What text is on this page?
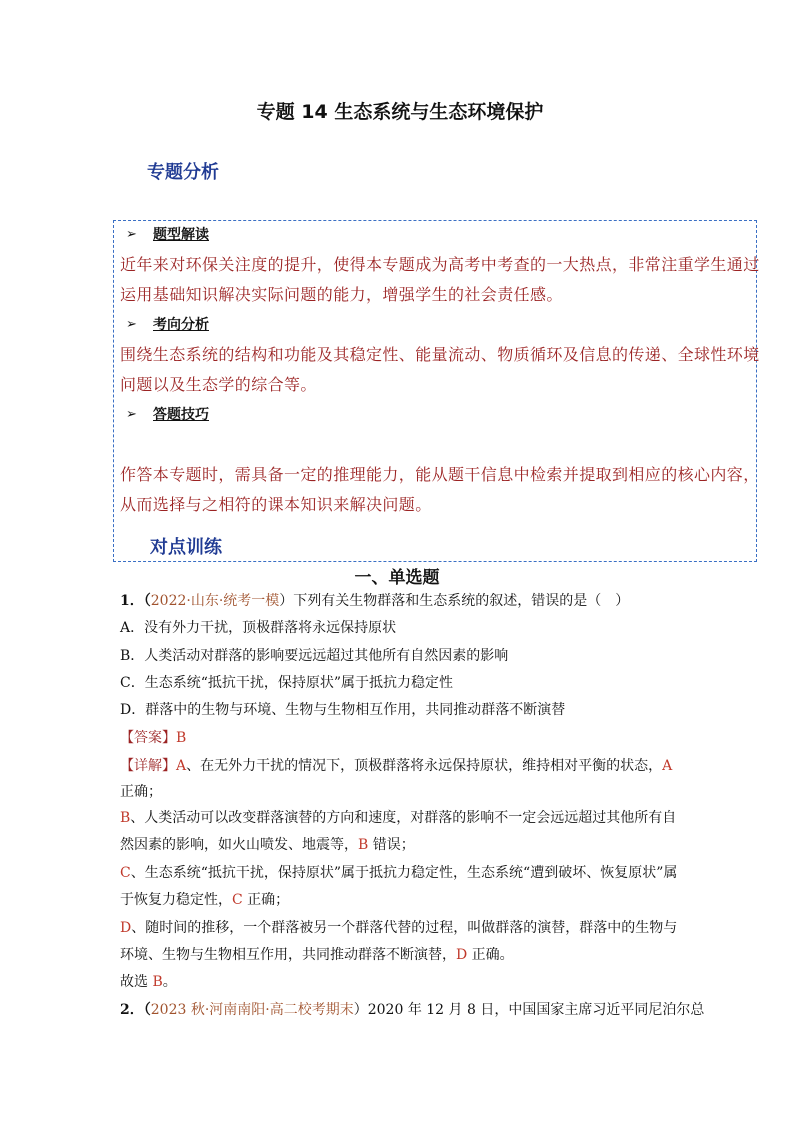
专题 14 生态系统与生态环境保护
专题分析
➢ 题型解读
近年来对环保关注度的提升，使得本专题成为高考中考查的一大热点，非常注重学生通过
运用基础知识解决实际问题的能力，增强学生的社会责任感。
➢ 考向分析
围绕生态系统的结构和功能及其稳定性、能量流动、物质循环及信息的传递、全球性环境
问题以及生态学的综合等。
➢ 答题技巧
作答本专题时，需具备一定的推理能力，能从题干信息中检索并提取到相应的核心内容，
从而选择与之相符的课本知识来解决问题。
对点训练
一、单选题
1．（2022·山东·统考一模）下列有关生物群落和生态系统的叙述，错误的是（　）
A．没有外力干扰，顶极群落将永远保持原状
B．人类活动对群落的影响要远远超过其他所有自然因素的影响
C．生态系统“抵抗干扰，保持原状”属于抵抗力稳定性
D．群落中的生物与环境、生物与生物相互作用，共同推动群落不断演替
【答案】B
【详解】A、在无外力干扰的情况下，顶极群落将永远保持原状，维持相对平衡的状态，A
正确；
B、人类活动可以改变群落演替的方向和速度，对群落的影响不一定会远远超过其他所有自
然因素的影响，如火山喷发、地震等，B 错误；
C、生态系统“抵抗干扰，保持原状”属于抵抗力稳定性，生态系统“遭到破坏、恢复原状”属
于恢复力稳定性，C 正确；
D、随时间的推移，一个群落被另一个群落代替的过程，叫做群落的演替，群落中的生物与
环境、生物与生物相互作用，共同推动群落不断演替，D 正确。
故选 B。
2．（2023 秋·河南南阳·高二校考期末）2020 年 12 月 8 日，中国国家主席习近平同尼泊尔总
